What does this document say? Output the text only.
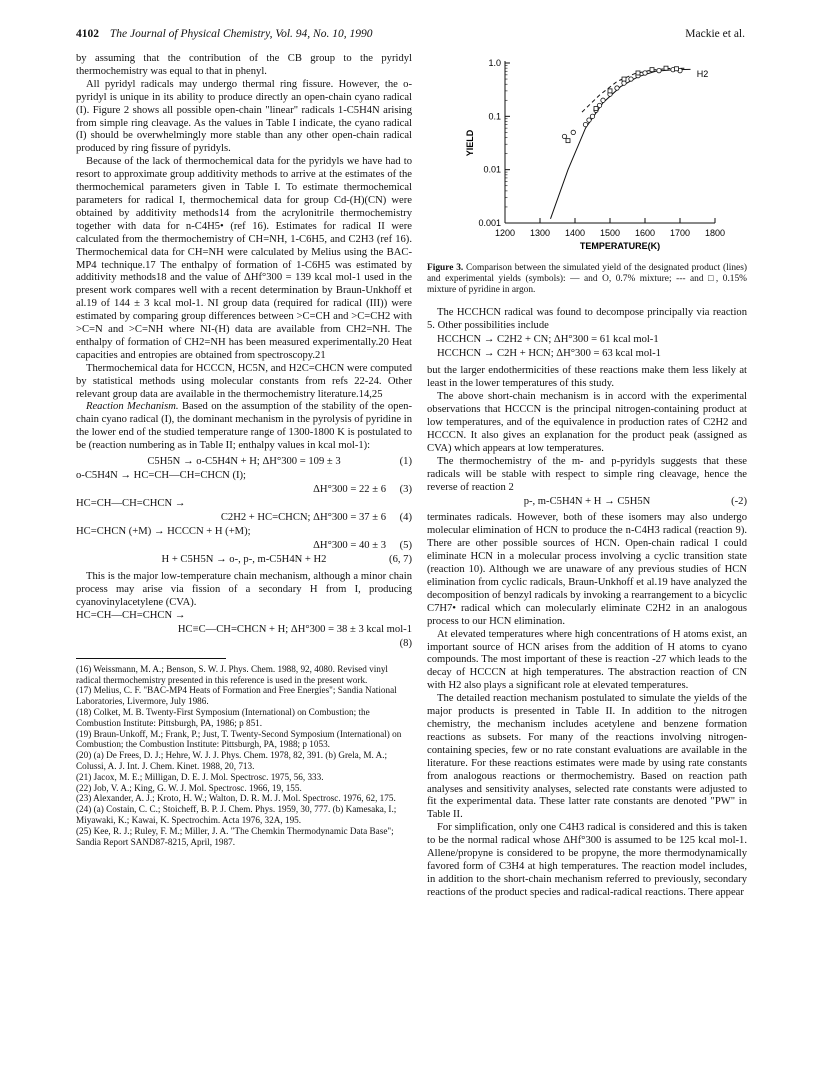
4102 The Journal of Physical Chemistry, Vol. 94, No. 10, 1990	Mackie et al.

by assuming that the contribution of the CB group to the pyridyl thermochemistry was equal to that in phenyl.

All pyridyl radicals may undergo thermal ring fissure. However, the o-pyridyl is unique in its ability to produce directly an open-chain cyano radical (I). Figure 2 shows all possible open-chain "linear" radicals 1-C5H4N arising from simple ring cleavage. As the values in Table I indicate, the cyano radical (I) should be overwhelmingly more stable than any other open-chain radical produced by ring fissure of pyridyls.

Because of the lack of thermochemical data for the pyridyls we have had to resort to approximate group additivity methods to arrive at the estimates of the thermochemical parameters given in Table I. To estimate thermochemical parameters for radical I, thermochemical data for group Cd-(H)(CN) were obtained by additivity methods14 from the acrylonitrile thermochemistry together with data for n-C4H5• (ref 16). Estimates for radical II were calculated from the thermochemistry of CH=NH, 1-C6H5, and C2H3 (ref 16). Thermochemical data for CH=NH were calculated by Melius using the BAC-MP4 technique.17 The enthalpy of formation of 1-C6H5 was estimated by additivity methods18 and the value of ΔHf°300 = 139 kcal mol-1 used in the present work compares well with a recent determination by Braun-Unkhoff et al.19 of 144 ± 3 kcal mol-1. NI group data (required for radical (III)) were estimated by comparing group differences between >C=CH and >C=CH2 with >C=N and >C=NH where NI-(H) data are available from CH2=NH. The enthalpy of formation of CH2=NH has been measured experimentally.20 Heat capacities and entropies are obtained from spectroscopy.21

Thermochemical data for HCCCN, HC5N, and H2C=CHCN were computed by statistical methods using molecular constants from refs 22-24. Other relevant group data are available in the thermochemistry literature.14,25

Reaction Mechanism. Based on the assumption of the stability of the open-chain cyano radical (I), the dominant mechanism in the pyrolysis of pyridine in the lower end of the studied temperature range of 1300-1800 K is postulated to be (reaction numbering as in Table II; enthalpy values in kcal mol-1):

C5H5N → o-C5H4N + H; ΔH°300 = 109 ± 3	(1)
o-C5H4N → HC=CH—CH=CHCN (I);
ΔH°300 = 22 ± 6 (3)
HC=CH—CH=CHCN →
C2H2 + HC=CHCN; ΔH°300 = 37 ± 6 (4)
HC=CHCN (+M) → HCCCN + H (+M);
ΔH°300 = 40 ± 3 (5)
H + C5H5N → o-, p-, m-C5H4N + H2	(6, 7)

This is the major low-temperature chain mechanism, although a minor chain process may arise via fission of a secondary H from I, producing cyanovinylacetylene (CVA).

HC=CH—CH=CHCN →
HC≡C—CH=CHCN + H; ΔH°300 = 38 ± 3 kcal mol-1
(8)

(16) Weissmann, M. A.; Benson, S. W. J. Phys. Chem. 1988, 92, 4080. Revised vinyl radical thermochemistry presented in this reference is used in the present work.

(17) Melius, C. F. "BAC-MP4 Heats of Formation and Free Energies"; Sandia National Laboratories, Livermore, July 1986.

(18) Colket, M. B. Twenty-First Symposium (International) on Combustion; the Combustion Institute: Pittsburgh, PA, 1986; p 851.

(19) Braun-Unkoff, M.; Frank, P.; Just, T. Twenty-Second Symposium (International) on Combustion; the Combustion Institute: Pittsburgh, PA, 1988; p 1053.

(20) (a) De Frees, D. J.; Hehre, W. J. J. Phys. Chem. 1978, 82, 391. (b) Grela, M. A.; Colussi, A. J. Int. J. Chem. Kinet. 1988, 20, 713.

(21) Jacox, M. E.; Milligan, D. E. J. Mol. Spectrosc. 1975, 56, 333.

(22) Job, V. A.; King, G. W. J. Mol. Spectrosc. 1966, 19, 155.

(23) Alexander, A. J.; Kroto, H. W.; Walton, D. R. M. J. Mol. Spectrosc. 1976, 62, 175.

(24) (a) Costain, C. C.; Stoicheff, B. P. J. Chem. Phys. 1959, 30, 777. (b) Kamesaka, I.; Miyawaki, K.; Kawai, K. Spectrochim. Acta 1976, 32A, 195.

(25) Kee, R. J.; Ruley, F. M.; Miller, J. A. "The Chemkin Thermodynamic Data Base"; Sandia Report SAND87-8215, April, 1987.

1.0
0.1
0.01
0.001
1200 1300 1400 1500 1600 1700 1800
TEMPERATURE(K)
YIELD
H2

Figure 3. Comparison between the simulated yield of the designated product (lines) and experimental yields (symbols): — and O, 0.7% mixture; --- and □, 0.15% mixture of pyridine in argon.

The HCCHCN radical was found to decompose principally via reaction 5. Other possibilities include

HCCHCN → C2H2 + CN; ΔH°300 = 61 kcal mol-1
HCCHCN → C2H + HCN; ΔH°300 = 63 kcal mol-1

but the larger endothermicities of these reactions make them less likely at least in the lower temperatures of this study.

The above short-chain mechanism is in accord with the experimental observations that HCCCN is the principal nitrogen-containing product at low temperatures, and of the equivalence in production rates of C2H2 and HCCCN. It also gives an explanation for the product peak (assigned as CVA) which appears at low temperatures.

The thermochemistry of the m- and p-pyridyls suggests that these radicals will be stable with respect to simple ring cleavage, hence the reverse of reaction 2

p-, m-C5H4N + H → C5H5N	(-2)

terminates radicals. However, both of these isomers may also undergo molecular elimination of HCN to produce the n-C4H3 radical (reaction 9). There are other possible sources of HCN. Open-chain radical I could eliminate HCN in a molecular process involving a cyclic transition state (reaction 10). Although we are unaware of any previous studies of HCN elimination from cyclic radicals, Braun-Unkhoff et al.19 have analyzed the decomposition of benzyl radicals by invoking a rearrangement to a bicyclic C7H7• radical which can molecularly eliminate C2H2 in an analogous process to our HCN elimination.

At elevated temperatures where high concentrations of H atoms exist, an important source of HCN arises from the addition of H atoms to cyano compounds. The most important of these is reaction -27 which leads to the decay of HCCCN at high temperatures. The abstraction reaction of CN with H2 also plays a significant role at elevated temperatures.

The detailed reaction mechanism postulated to simulate the yields of the major products is presented in Table II. In addition to the nitrogen chemistry, the mechanism includes acetylene and benzene formation reactions as subsets. For many of the reactions involving nitrogen-containing species, few or no rate constant evaluations are available in the literature. For these reactions estimates were made by using rate constants from analogous reactions or thermochemistry. Based on reaction path analyses and sensitivity analyses, selected rate constants were adjusted to fit the experimental data. These latter rate constants are denoted "PW" in Table II.

For simplification, only one C4H3 radical is considered and this is taken to be the normal radical whose ΔHf°300 is assumed to be 125 kcal mol-1. Allene/propyne is considered to be propyne, the more thermodynamically favored form of C3H4 at high temperatures. The reaction model includes, in addition to the short-chain mechanism referred to previously, secondary reactions of the product species and radical-radical reactions. There appear
